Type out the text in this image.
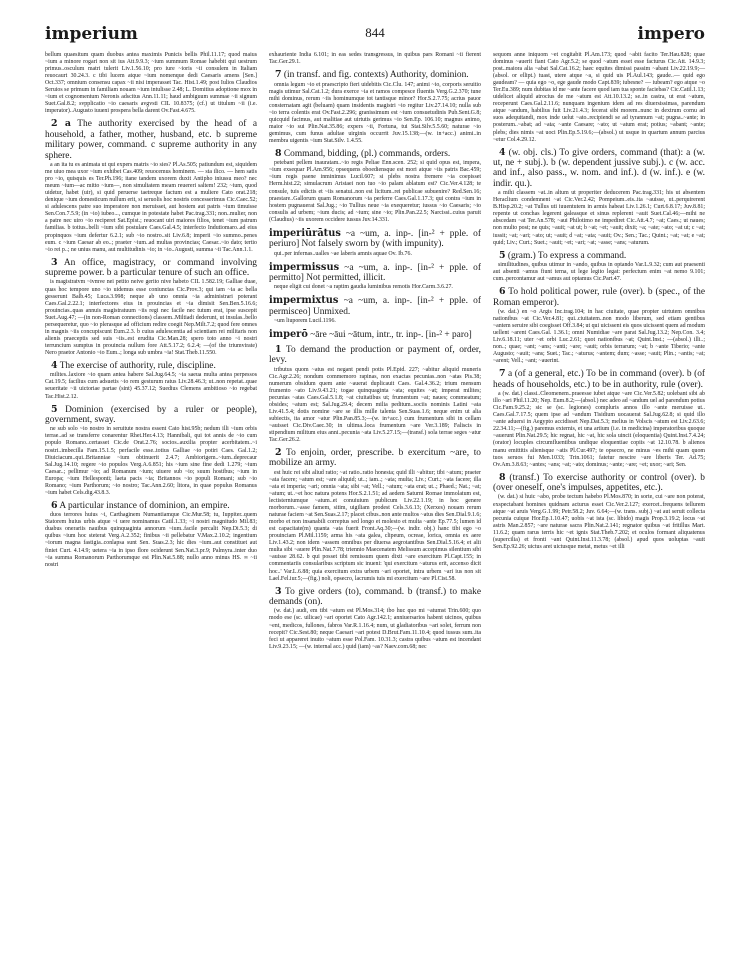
imperium	844	impero

bellum quaesitum quam duobus antea maximis Punicis bellis Phil.11.17; quod maius ~ium a minore rogari non sit ius Att.9.9.3; ~ium summum Romae habebit qui uestrum primus..osculum matri tulerit Liv.1.56.10; pro iure ~ioris ~ii consulem in Italiam reuocaurt 30.24.3. c tibi lucem atque ~ium nomenque dedi Caesaris amens [Sen.] Oct.337; omnium consensu capax ~ii nisi imperasset Tac. Hist.1.49; post Iulios Claudios Seruios se primum in familiam nouam ~ium intulisse 2.48; L. Domitius adoptione mox in ~ium et cognomentum Neronis adscitus Ann.11.11; haud ambiguum summae ~ii signum Suet.Gal.8.2; svpplicatio ~io caesaris avgvsti CIL 10.8375; (cf.) ut titulum ~ii (i.e. imperator)..Augusto iuueni prospera bella darent Ov.Fast.4.675.

2 a The authority exercised by the head of a household, a father, mother, husband, etc. b supreme military power, command. c supreme authority in any sphere.

a an ita tu es animata ut qui expers matris ~io sies? Pl.As.505; patiundum est, siquidem me uiuo mea uxor ~ium exhibet Cas.409; reuocemus hominem. — sta ilico. — hem satis pro ~io, quisquis es Ter.Ph.196; itane tandem uxorem duxit Antipho iniussu meo? nec meum ~ium—ac mitto ~ium—, non simultatem meam reuereri saltem! 232; ~ium, quod uidetur, habet (uir), si quid peruerse taetreque factum est a muliere Cato orat.218; denique ~ium domesticum nullum erit, si seruolis hoc nostris concesserimus Cic.Caec.52; si adulescens patre suo imperatore non meruisset, aut hostem aut patris ~ium timuisse Sen.Con.7.5.9; (in ~io) iubeo..., cumque in potestate habet Pac.trag.331; non..mulier, non a patre nec uiro ~io reciperet Sat.Epist.; reuocant uiri maiores filios, tenet ~ium patrum familias. b totius..belli ~ium sibi postulare Caes.Gal.4.5; interfecto Indutiomaro..ad eius propinquos ~ium defertur 6.2.1; sub ~io nostro..sit Liv.6.8; imperii ~io summo..penes eum. c ~ium Caesar ab eo..; praeter ~ium..ad multas provincias; Caesar..~io dato; tertio ~io rei p..; ne unius manu, aut multitudinis ~io; in ~io..Augusti, summa ~ii Tac.Ann.1.1.

3 An office, magistracy, or command involving supreme power. b a particular tenure of such an office.

is magistratvm ~ivmve nei petito neive gerito nive habeto CIL 1.582.19; Galliae duae, quas hoc tempore uno ~io uidemus esse coniunctas Cic.Prov.3; qui iam ~ia ac bella gesserunt Balb.45; Luca.3.998; neque ab uno omnia ~ia administrari poterant Caes.Gal.2.22.1; interfectores eius in prouincias et ~ia dimisit Sen.Ben.5.16.6; prouincias..quas annuis magistratuum ~iis regi nec facile nec tutum erat, ipse suscepit Suet.Aug.47; —(in non-Roman connections) classem..Miltiadi dederunt, ut insulas..bello persequeretur, quo ~io plerasque ad officium redire coegit Nep.Milt.7.2; quod fere omnes in magnis ~iis concupiscunt Eum.2.3. b cuius adulescentia ad scientiam rei militaris non alienis praeceptis sed suis ~iis..est erudita Cic.Man.28; spero toto anno ~i nostri terruncium sumptus in prouincia nullum fore Att.5.17.2; 6.2.4; —(of the triumvirate) Nero praetor Antonio ~io Eum..; longa sub umbra ~ia! Stat.Theb.11.550.

4 The exercise of authority, rule, discipline.

milites..laxiore ~io quam antea habere Sal.Jug.64.5; ~ia saeua multa antea perpessos Cat.19.5; facilius cum adsuetis ~io rem gesturum ratus Liv.28.46.3; ut..non repetat..quae seueritate ~ii uictoriae partae (sint) 45.37.12; Suedius Clemens ambitioso ~io regebat Tac.Hist.2.12.

5 Dominion (exercised by a ruler or people), government, sway.

ne sub solo ~io nostro in seruitute nostra essent Cato hist.95b; nedum illi ~ium orbis terrae..ad se transferre conarentur Rhet.Her.4.13; Hannibali, qui tot annis de ~io cum populo Romano..certasset Cic.de Orat.2.76; socios..auxilia propter acerbitatem..~i nostri..imbecilla Fam.15.1.5; perfacile esse..totius Galliae ~io potiri Caes. Gal.1.2; Diuiciacum..qui..Britanniae ~ium obtinuerit 2.4.7; Ambiorigem..~ium..deprecaur Sal.Jug.14.10; regere ~io populos Verg.A.6.851; his ~ium sine fine dedi 1.279; ~ium Caesar..; pellimur ~io; ad Romanum ~ium; uiuere sub ~io; suum hostibus; ~ium in Europa; ~ium Hellesponti; laeta pacis ~ia; Britannos ~io populi Romani; sub ~io Romano; ~ium Parthorum; ~io nostro; Tac.Ann.2.60; litora, in quae populus Romanus ~ium habet Cels.dig.43.8.3.

6 A particular instance of dominion, an empire.

duos terrores huius ~i, Carthaginem Numantiamque Cic.Mur.58; tu, Iuppiter..quem Statorem huius urbis atque ~i uere nominamus Catil.1.33; ~i nostri magnitudo Mil.83; duabus onerariis nauibus quinquaginta annorum ~ium..facile percalit Nep.Di.5.3; di quibus ~ium hoc steterat Verg.A.2.352; finibus ~ii pellebatur V.Max.2.10.2; ingentium ~iorum magna fastigia..conlapsa sunt Sen. Suas.2.3; hic dies ~ium..aut constituet aut finiet Curt. 4.14.9; uetera ~ia in ipso flore ociderunt Sen.Nat.3.pr.9; Palmyra..inter duo ~ia summa Romanorum Parthorumque est Plin.Nat.5.88; nullo anno minus HS. ∞ ~ii nostri

exhauriente India 6.101; in eas sedes transgressus, in quibus pars Romani ~ii fierent Tac.Ger.29.1.

7 (in transf. and fig. contexts) Authority, dominion.

omnia legum ~io et praescripto fieri uidebitis Cic.Clu. 147; animi ~io, corporis seruitio magis utimur Sal.Cat.1.2; dura exerce ~ia et ramos compesce fluentis Verg.G.2.370; tune mihi dominus, rerum ~iis hominumque tot tantisque minor? Hor.S.2.7.75; acrius pauor consternatam agit (beluam) quam insidentis magistri ~io regitur Liv.27.14.10; nulla sub ~io terra colentis erat Ov.Fast.2.296; granissimum est ~ium consuetudinis Pub.Sent.G.8; quicquid facimus, aut malitiae aut uirtutis gerimus ~io Sen.Ep. 106.10; magnus animo, maior ~io sui Plin.Nat.35.86; expers ~ii, Fortuna, tui Stat.Silv.5.5.60; naturae ~io gemimus, cum funus adultae uirginis occurrit Juv.15.138;—(w. in+acc.) animi..in membra uigentis ~ium Stat.Silv. 1.4.55.

8 Command, bidding, (pl.) commands, orders.

petebant pellem inauratam..~io regis Peliae Enn.scen. 252; si quid opus est, impera, ~ium exsequar Pl.Am.956; opsequens oboediensque est mori atque ~iis patris Bac.459; ~ium regis paene inminimus Lucil.607; si plebs nostra fremere ~ia coepisset Herm.hist.22; simulacrum Aristaei non tuo ~io palam ablatum est? Cic.Ver.4.128; te consule, tuis edictis et ~iis senatui..non est licitum..rei publicae subuenire? Red.Sen.16; praestare..Gallorum quam Romanorum ~ia perferre Caes.Gal.1.17.3; qui contra ~ium in hostem pugnauerat Sal.Jug.; ~io Tullius neue ~ia exequeretur; iussus ~io Caesaris; ~io consulis ad urbem; ~ium ducis; ad ~ium; sine ~io; Plin.Pan.22.5; Narcissi..cuius paruit (Claudius) ~iis uxorem occidere iussus Juv.14.331.

imperiūrātus ~a ~um, a. inp-. [in-² + pple. of periuro] Not falsely sworn by (with impunity).

qui..per infernas..ualles ~ae laberis amnis aquae Ov. Ib.76.

impermissus ~a ~um, a. inp-. [in-² + pple. of permitto] Not permitted, illicit.

neque eligit cui donet ~a raptim gaudia luminibus remotis Hor.Carm.3.6.27.

impermixtus ~a ~um, a. inp-. [in-² + pple. of permisceo] Unmixed.

~um liuporem Lucil.1196.

imperō ~āre ~āui ~ātum, intr., tr. inp-. [in-² + paro]

1 To demand the production or payment of, order, levy.

tributus quom ~atus est negant pendi potis Pl.Epid. 227; ~abitur aliquid muneris Cic.Agr.2.26; nondum commemoro rapinas, non exactas pecunias..non ~atas Pis.38; numerum obsidum quem ante ~auerat duplicauit Caes. Gal.4.36.2; trium mensum frumento ~ato Liv.9.43.21; togae quinquaginta ~ata; equites ~at; imperat milites; pecunias ~atas Caes.Gal.5.1.8; ~at ciuitatibus ut; frumentum ~at; naues; commeatum; obsides; ~atum est; Sal.Jug.29.4; decem milia peditum..sociis nominis Latini ~ata Liv.41.5.4; dotis nomine ~are se illis mille talenta Sen.Suas.1.6; neque enim ut alia subiectis, ita amor ~atur Plin.Pan.85.3;—(w. in+acc.) cum frumentum sibi in cellam ~auisset Cic.Div.Caec.30; in ultima..loca frumentum ~are Ver.3.189; Faliscis in stipendium militum eius anni..pecunia ~ata Liv.5.27.15;—(transf.) sola terrae seges ~atur Tac.Ger.26.2.

2 To enjoin, order, prescribe. b exercitum ~are, to mobilize an army.

est huic rei sibi aliud ratio; ~at ratio..ratio honesta; quid illi ~abitur; tibi ~atum; praeter ~ata facere; ~atum est; ~are aliquid; ut..; iam..; ~ata; multa; Liv.; Curt.; ~ata facere; illa ~ata et imperia; ~ari; omnia ~ata; sibi ~at; Vell.; ~atum; ~ata erat; ut..; Phaed.; Nat.; ~at; ~atum; ut..~et hoc natura potens Hor.S.2.1.51; ad aedem Saturni Romae immolatum est, lectisterniumque ~atum..et conuiuium publicum Liv.22.1.19; in hoc genere morborum..~asse famem, sitim, uigiliam prodest Cels.3.6.13; (Xerxes) nouam rerum naturae faciem ~at Sen.Suas.2.17; placet cibus..non ante multos ~atus dies Sen.Dial.9.1.6; morbo et non insanabili correptus sed longo et molesto et multa ~ante Ep.77.5; lumen id est capacitate(m) quanta ~ata fuerit Front.Aq.30;—(w. indir. obj.) hanc tibi ego ~o prouinciam Pl.Mil.1159; arma his ~ata galea, clipeum, ocreae, lorica, omnia ex aere Liv.1.43.2; non idem ~assem omnibus per diuersa aegrotantibus Sen.Dial.5.16.4; et alii multa sibi ~auere Plin.Nat.7.78; triennio Maecenatem Melissum accepimus silentium sibi ~auisse 28.62. b qui posset tibi remissum quem dixti ~are exercitum Pl.Capt.155; in commentariis consularibus scriptum sic inueni: 'qui exercitum ~aturus erit, accenso dicit hoc..' Var.L.6.88; quia exercitum extra urbem ~ari oportet, intra urbem ~ari ius non sit Lael.Fel.iur.5;—(fig.) noli, opsecro, lacrumis tuis mi exercitum ~are Pl.Cist.58.

3 To give orders (to), command. b (transf.) to make demands (on).

(w. dat.) audi, em tibi ~atum est Pl.Mos.314; ibo huc quo mi ~atumst Trin.600; quo modo ese (sc. uilicae) ~ari oportet Cato Agr.142.1; anniuersarios habent uicinos, quibus ~ent, medicos, fullones, fabros Var.R.1.16.4; num, ut gladiatoribus ~ari solet, ferrum non recepit? Cic.Sest.80; neque Caesari ~ari potest D.Brut.Fam.11.10.4; quod iussus sum..ita feci ut appareret inuito ~atum esse Pol.Fam. 10.31.3; castra quibus ~atum est incendant Liv.9.23.15; —(w. internal acc.) quid (iam) ~as? Naev.com.68; nec

sequom anne iniquom ~et cogitabit Pl.Am.173; quod ~abit facito Ter.Hau.828; quae dominus ~auerit fiant Cato Agr.5.2; se quod ~atum esset esse facturus Cic.Att. 14.9.3; post..maiora alia ~abat Sal.Cat.16.2; haec equites dimissi passim ~abant Liv.22.19.9;—(absol. or ellipt.) tuast, utere atque ~a, si quid uis Pl.Aul.143; gaude..— quid ego gaudeam? — quia ego ~o, ege gaude modo Capt.839; iubesne? — iubeam? ego atque ~o Ter.Eu.389; num dubitas id me ~ante facere quod iam tua sponte faciebas? Cic.Catil.1.13; uidelicet aliquid atrocius de me ~atum est Att.10.13.2; se..in castra, ut erat ~atum, receperunt Caes.Gal.2.11.6; nunquam ingenium idem ad res diuersissimas, parendum atque ~andum, habilius fuit Liv.21.4.3; fecerat sibi morem..nunc in dextrum cornu ad suos adequitandi, mox inde uelut ~ato..recipiendi se ad tyrannum ~at; pugna..~ante; in posterum..~abat; ad ~ata; ~ante Caesare; ~ato; ut ~atum erat; potius; ~abant; ~ante; plebs; dies nimis ~at uoci Plin.Ep.5.19.6;—(absol.) ut usque in quartum annum parcius ~etur Col.4.29.12.

4 (w. obj. cls.) To give orders, command (that): a (w. ut, ne + subj.). b (w. dependent jussive subj.). c (w. acc. and inf., also pass., w. nom. and inf.). d (w. inf.). e (w. indir. qu.).

a mihi classem ~at..in altum ut properiter deducerem Pac.trag.331; his ut absentem Heraclium condemnent ~at Cic.Ver.2.42; Pompeium..eis..ita ~auisse, ut..perquirerent B.Hisp.20.2; ~at Tullus uti iuuentutem in armis habeat Liv.1.26.1; Curt.6.8.17; Juv.8.81; repente ut conchas legerent galeasque et sinus replerent ~auit Suet.Cal.46;—mihi ne abscedam ~at Ter.An.578; ~aui Philotimo ne impediret Cic.Att.4.7; ~at; Caes.; ut naues; non multo post; ne quis; ~auit; ~at ut; b ~at; ~et; ~auit; dixit; ~a; ~ate; ~ato; ~at ut; c ~at; iussit; ~at; ~ari; ~ato; ut; ~auit; d ~at; ~ata; ~auit; Ov.; Sen.; Tac.; Quint.; ~at; ~at; e ~at; quid; Liv.; Curt.; Suet.; ~auit; ~et; ~ari; ~at; ~asse; ~ans; ~aturum.

5 (gram.) To express a command.

similitudines, quibus utimur in ~ando, quibus in optando Var.L.9.32; cum aut praesenti aut absenti ~amus fiunt terna, ut lege legito legat: perfectum enim ~at nemo 9.101; cum..percontamur aut ~amus aut optamus Cic.Part.47.

6 To hold political power, rule (over). b (spec., of the Roman emperor).

(w. dat.) en ~o Argis Inc.trag.104; in hac ciuitate, quae propter uirtutem omnibus nationibus ~at Cic.Ver.4.81; qui..ciuitatem..non modo liberum, sed etiam gentibus ~antem seruire sibi coegisset Off.3.84; ut qui uicissent eis quos uicissent quem ad modum uellent ~arent Caes.Gal. 1.36.1; omni Numidiae ~are parat Sal.Jug.13.2; Nep.Con. 3.4; Liv.6.18.11; uter ~et orbi Luc.2.61; quot nationibus ~at; Quint.Inst.; —(absol.) illi..; non..; quae; ~ant; ~ans; ~anti; ~are; ~auit; orbis terrarum; ~at; b ~ante Tiberio; ~ante Augusto; ~auit; ~ans; Suet.; Tac.; ~aturus; ~antem; dum; ~asse; ~auit; Plin.; ~antis; ~at; ~arent; Vell.; ~ant; ~auerint.

7 a (of a general, etc.) To be in command (over). b (of heads of households, etc.) to be in authority, rule (over).

a (w. dat.) classi..Cleomenem..praeesse iubet atque ~are Cic.Ver.5.82; uolebant sibi ab illo ~ari Phil.11.20; Nep. Eum.8.2;—(absol.) nec adeo ad ~andum uel ad parendum potius Cic.Fam.9.25.2; sic se (sc. legiones) compluris annos illo ~ante meruisse ut.. Caes.Gal.7.17.5; quem ipse ad ~andum Tisidium uocauerat Sal.Jug.62.8; si quid illo ~ante aduersi in Aegypto accidisset Nep.Dat.5.3; melius in Volscis ~atum est Liv.2.63.6; 22.34.11;—(fig.) paremus externis, et una artium (i.e. in medicina) imperatoribus quoque ~auerunt Plin.Nat.29.5; hic regnat, hic ~at, hic sola uincit (eloquentia) Quint.Inst.7.4.24; (orator) locuples circumfluentibus undique eloquentiae copiis ~at 12.10.78. b alienos manu emittitis alienisque ~atis Pl.Cur.497; te opsecro, ne minus ~es mihi quam quom tuos seruos fui Men.1033; Trin.1061; fatetur nescire ~are liberis Ter. Ad.75; Ov.Am.3.8.63; ~antes; ~ans; ~at; ~ato; dominus; ~ante; ~are; ~et; uxor; ~ari; Sen.

8 (transf.) To exercise authority or control (over). b (over oneself, one's impulses, appetites, etc.).

(w. dat.) si huic ~abo, probe tectum habebo Pl.Mos.870; in sorte, cui ~are non poterat, exspectabant homines quidnam acturus esset Cic.Ver.2.127; exercet..frequens tellurem atque ~at aruis Verg.G.1.99; Petr.58.2; Juv. 6.64;—(w. trans. subj.) ~at aut seruit collecta pecunia cuique Hor.Ep.1.10.47; uobis ~at ista (sc. libido) magis Prop.3.19.2; locus ~at astris Man.2.857; ~are naturae sacra Plin.Nat.2.141; regnator quibus ~at fritillus Mart. 11.6.2; quam rarus terris hic ~et ignis Stat.Theb.7.202; et oculos formant aliquatenus (supercilia) et fronti ~ant Quint.Inst.11.3.78; (absol.) apud quos uoluptas ~auit Sen.Ep.92.26; uictus aret uictusque metat, metus ~et illi
